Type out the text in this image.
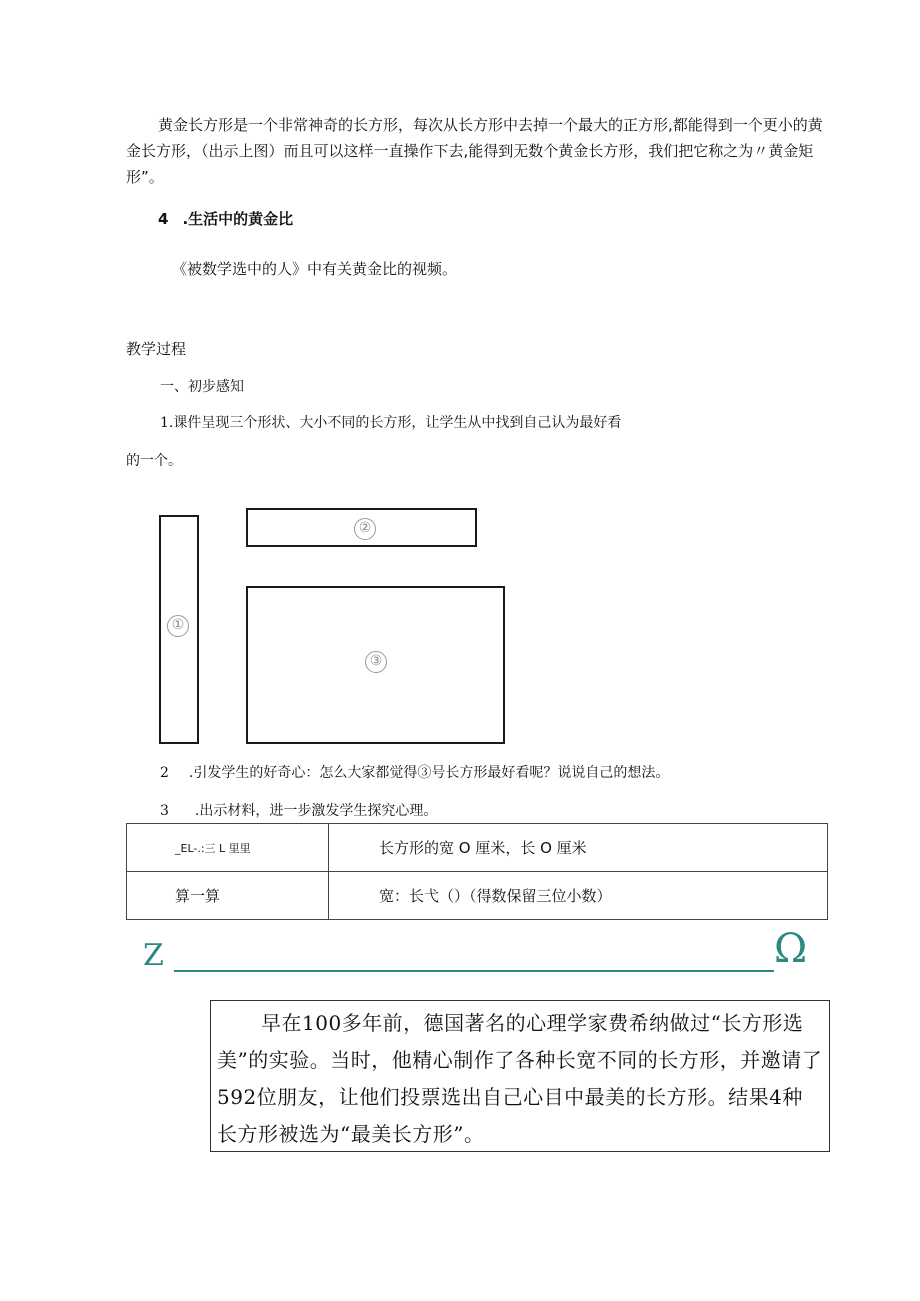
黄金长方形是一个非常神奇的长方形，每次从长方形中去掉一个最大的正方形,都能得到一个更小的黄金长方形，（出示上图）而且可以这样一直操作下去,能得到无数个黄金长方形，我们把它称之为〃黄金矩形”。
4 .生活中的黄金比
《被数学选中的人》中有关黄金比的视频。
教学过程
一、初步感知
1.课件呈现三个形状、大小不同的长方形，让学生从中找到自己认为最好看
的一个。
①
②
③
2 .引发学生的好奇心：怎么大家都觉得③号长方形最好看呢？说说自己的想法。
3 .出示材料，进一步激发学生探究心理。
_EL-.:三 L 里里	长方形的宽 O 厘米，长 O 厘米
算一算	宽：长弋（）（得数保留三位小数）
Z	Ω
早在100多年前，德国著名的心理学家费希纳做过“长方形选美”的实验。当时，他精心制作了各种长宽不同的长方形，并邀请了592位朋友，让他们投票选出自己心目中最美的长方形。结果4种长方形被选为“最美长方形”。
